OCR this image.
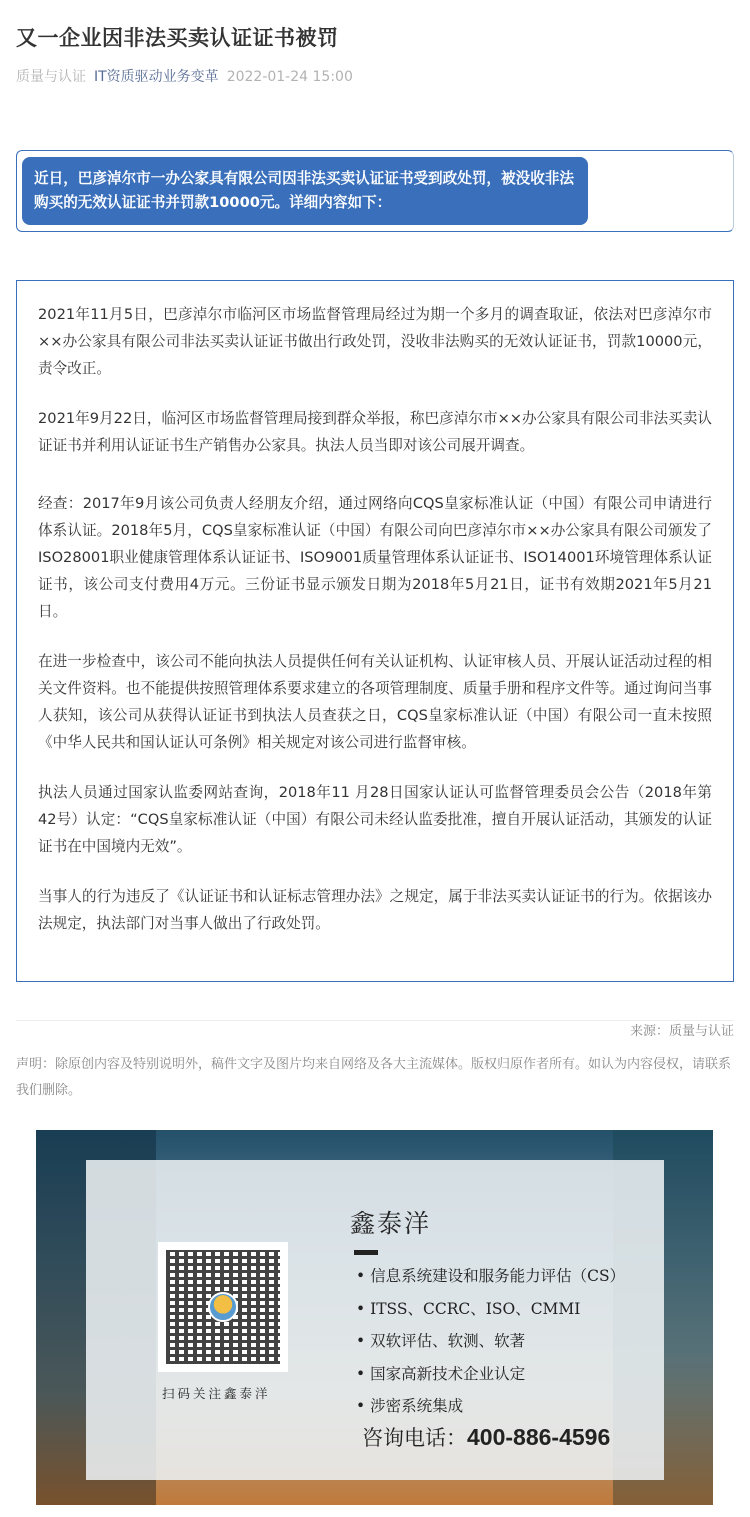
又一企业因非法买卖认证证书被罚
质量与认证 IT资质驱动业务变革 2022-01-24 15:00
近日，巴彦淖尔市一办公家具有限公司因非法买卖认证证书受到政处罚，被没收非法购买的无效认证证书并罚款10000元。详细内容如下：

2021年11月5日，巴彦淖尔市临河区市场监督管理局经过为期一个多月的调查取证，依法对巴彦淖尔市××办公家具有限公司非法买卖认证证书做出行政处罚，没收非法购买的无效认证证书，罚款10000元，责令改正。

2021年9月22日，临河区市场监督管理局接到群众举报，称巴彦淖尔市××办公家具有限公司非法买卖认证证书并利用认证证书生产销售办公家具。执法人员当即对该公司展开调查。

经查：2017年9月该公司负责人经朋友介绍，通过网络向CQS皇家标准认证（中国）有限公司申请进行体系认证。2018年5月，CQS皇家标准认证（中国）有限公司向巴彦淖尔市××办公家具有限公司颁发了ISO28001职业健康管理体系认证证书、ISO9001质量管理体系认证证书、ISO14001环境管理体系认证证书，该公司支付费用4万元。三份证书显示颁发日期为2018年5月21日，证书有效期2021年5月21日。

在进一步检查中，该公司不能向执法人员提供任何有关认证机构、认证审核人员、开展认证活动过程的相关文件资料。也不能提供按照管理体系要求建立的各项管理制度、质量手册和程序文件等。通过询问当事人获知，该公司从获得认证证书到执法人员查获之日，CQS皇家标准认证（中国）有限公司一直未按照《中华人民共和国认证认可条例》相关规定对该公司进行监督审核。

执法人员通过国家认监委网站查询，2018年11 月28日国家认证认可监督管理委员会公告（2018年第42号）认定：“CQS皇家标准认证（中国）有限公司未经认监委批准，擅自开展认证活动，其颁发的认证证书在中国境内无效”。

当事人的行为违反了《认证证书和认证标志管理办法》之规定，属于非法买卖认证证书的行为。依据该办法规定，执法部门对当事人做出了行政处罚。

来源：质量与认证
声明：除原创内容及特别说明外，稿件文字及图片均来自网络及各大主流媒体。版权归原作者所有。如认为内容侵权，请联系我们删除。
扫码关注鑫泰洋
鑫泰洋
• 信息系统建设和服务能力评估（CS）
• ITSS、CCRC、ISO、CMMI
• 双软评估、软测、软著
• 国家高新技术企业认定
• 涉密系统集成
咨询电话：400-886-4596
